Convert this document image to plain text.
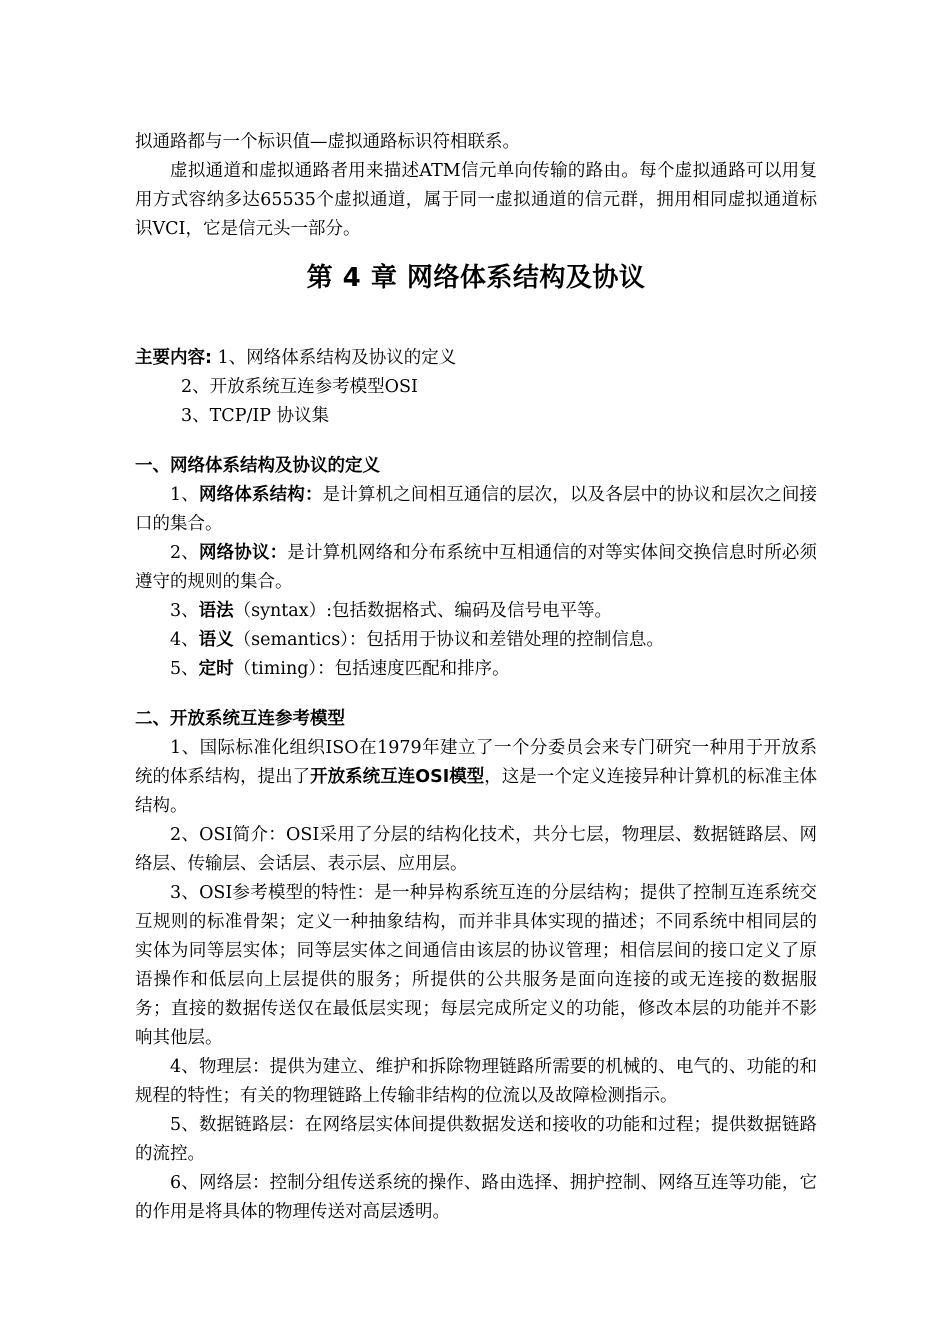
拟通路都与一个标识值—虚拟通路标识符相联系。

虚拟通道和虚拟通路者用来描述ATM信元单向传输的路由。每个虚拟通路可以用复用方式容纳多达65535个虚拟通道，属于同一虚拟通道的信元群，拥用相同虚拟通道标识VCI，它是信元头一部分。

第 4 章 网络体系结构及协议

主要内容: 1、网络体系结构及协议的定义

2、开放系统互连参考模型OSI

3、TCP/IP 协议集

一、网络体系结构及协议的定义

1、网络体系结构：是计算机之间相互通信的层次，以及各层中的协议和层次之间接口的集合。

2、网络协议：是计算机网络和分布系统中互相通信的对等实体间交换信息时所必须遵守的规则的集合。

3、语法（syntax）:包括数据格式、编码及信号电平等。

4、语义（semantics）：包括用于协议和差错处理的控制信息。

5、定时（timing）：包括速度匹配和排序。

二、开放系统互连参考模型

1、国际标准化组织ISO在1979年建立了一个分委员会来专门研究一种用于开放系统的体系结构，提出了开放系统互连OSI模型，这是一个定义连接异种计算机的标准主体结构。

2、OSI简介：OSI采用了分层的结构化技术，共分七层，物理层、数据链路层、网络层、传输层、会话层、表示层、应用层。

3、OSI参考模型的特性：是一种异构系统互连的分层结构；提供了控制互连系统交互规则的标准骨架；定义一种抽象结构，而并非具体实现的描述；不同系统中相同层的实体为同等层实体；同等层实体之间通信由该层的协议管理；相信层间的接口定义了原语操作和低层向上层提供的服务；所提供的公共服务是面向连接的或无连接的数据服务；直接的数据传送仅在最低层实现；每层完成所定义的功能，修改本层的功能并不影响其他层。

4、物理层：提供为建立、维护和拆除物理链路所需要的机械的、电气的、功能的和规程的特性；有关的物理链路上传输非结构的位流以及故障检测指示。

5、数据链路层：在网络层实体间提供数据发送和接收的功能和过程；提供数据链路的流控。

6、网络层：控制分组传送系统的操作、路由选择、拥护控制、网络互连等功能，它的作用是将具体的物理传送对高层透明。
